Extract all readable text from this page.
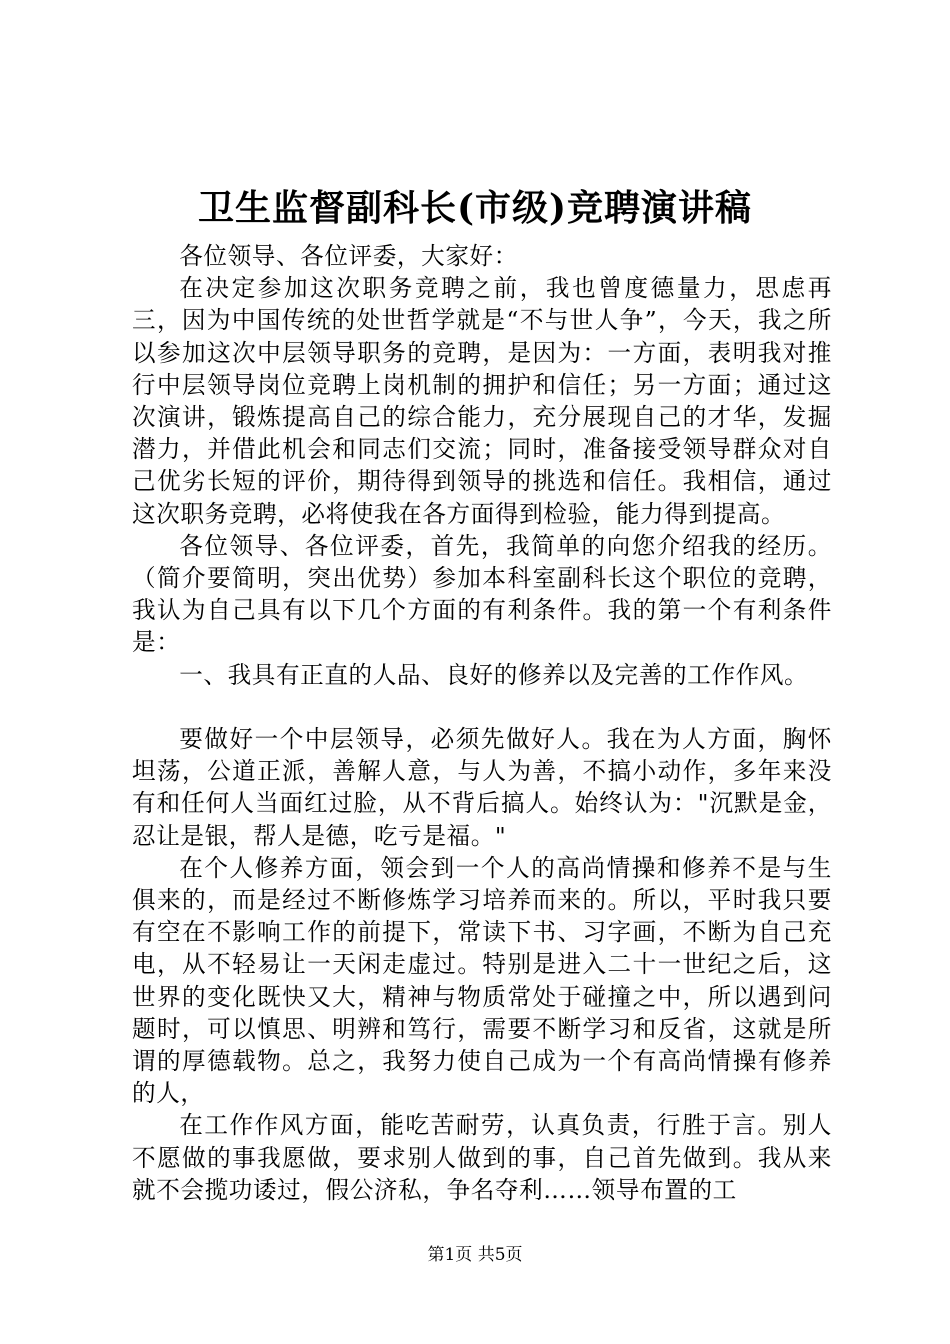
卫生监督副科长(市级)竞聘演讲稿

各位领导、各位评委，大家好：

在决定参加这次职务竞聘之前，我也曾度德量力，思虑再三，因为中国传统的处世哲学就是“不与世人争”，今天，我之所以参加这次中层领导职务的竞聘，是因为：一方面，表明我对推行中层领导岗位竞聘上岗机制的拥护和信任；另一方面；通过这次演讲，锻炼提高自己的综合能力，充分展现自己的才华，发掘潜力，并借此机会和同志们交流；同时，准备接受领导群众对自己优劣长短的评价，期待得到领导的挑选和信任。我相信，通过这次职务竞聘，必将使我在各方面得到检验，能力得到提高。

各位领导、各位评委，首先，我简单的向您介绍我的经历。（简介要简明，突出优势）参加本科室副科长这个职位的竞聘，我认为自己具有以下几个方面的有利条件。我的第一个有利条件是：

一、我具有正直的人品、良好的修养以及完善的工作作风。

要做好一个中层领导，必须先做好人。我在为人方面，胸怀坦荡，公道正派，善解人意，与人为善，不搞小动作，多年来没有和任何人当面红过脸，从不背后搞人。始终认为："沉默是金，忍让是银，帮人是德，吃亏是福。"

在个人修养方面，领会到一个人的高尚情操和修养不是与生俱来的，而是经过不断修炼学习培养而来的。所以，平时我只要有空在不影响工作的前提下，常读下书、习字画，不断为自己充电，从不轻易让一天闲走虚过。特别是进入二十一世纪之后，这世界的变化既快又大，精神与物质常处于碰撞之中，所以遇到问题时，可以慎思、明辨和笃行，需要不断学习和反省，这就是所谓的厚德载物。总之，我努力使自己成为一个有高尚情操有修养的人，

在工作作风方面，能吃苦耐劳，认真负责，行胜于言。别人不愿做的事我愿做，要求别人做到的事，自己首先做到。我从来就不会揽功诿过，假公济私，争名夺利……领导布置的工

第1页 共5页
